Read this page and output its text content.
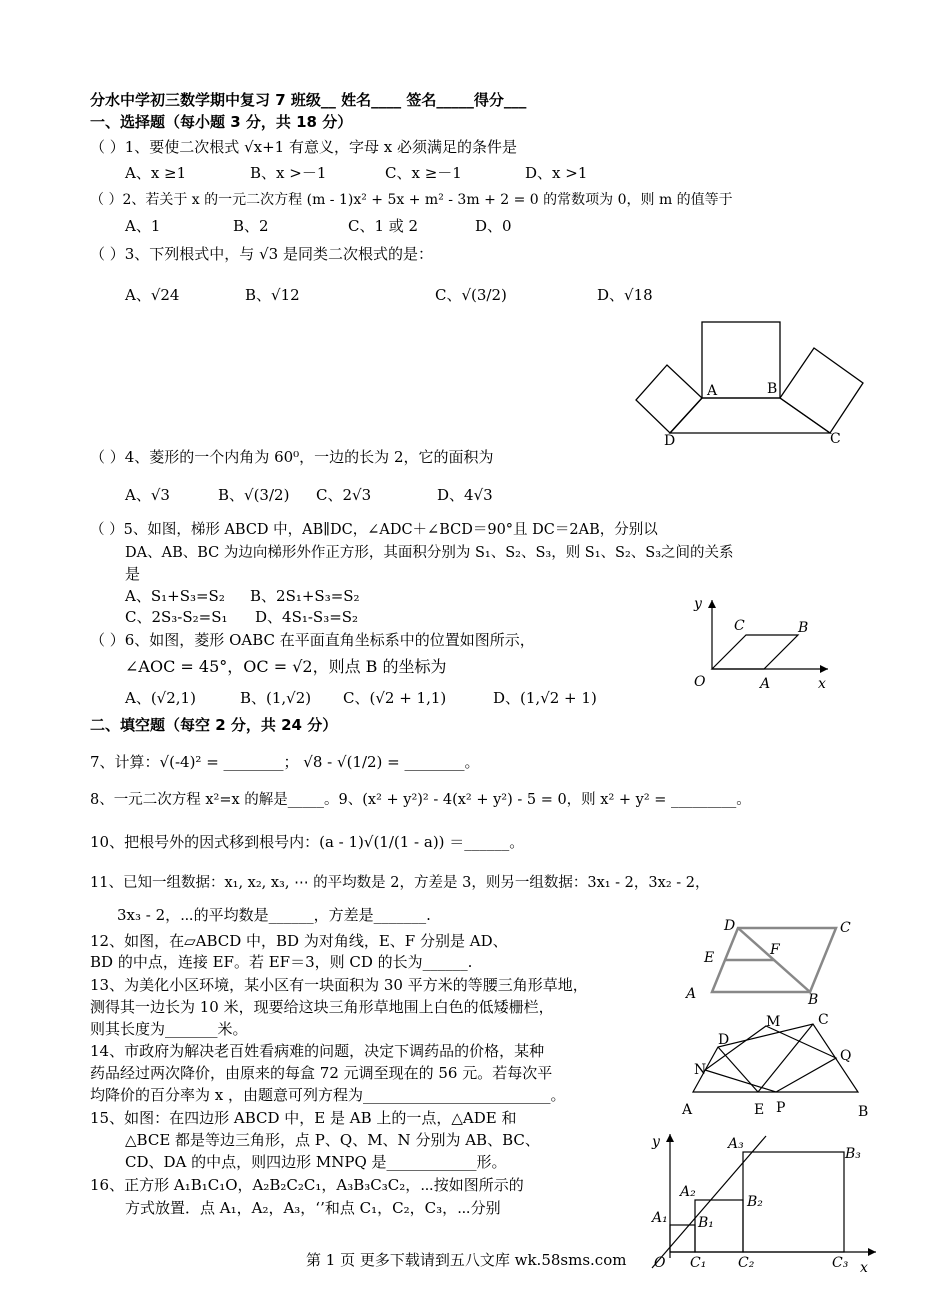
分水中学初三数学期中复习 7 班级__ 姓名____ 签名_____得分___
一、选择题（每小题 3 分，共 18 分）
（ ）1、要使二次根式 √x+1 有意义，字母 x 必须满足的条件是
A、x ≥1	B、x >－1	C、x ≥－1	D、x >1
（ ）2、若关于 x 的一元二次方程 (m - 1)x² + 5x + m² - 3m + 2 = 0 的常数项为 0，则 m 的值等于
A、1	B、2	C、1 或 2	D、0
（ ）3、下列根式中，与 √3 是同类二次根式的是：
A、√24	B、√12	C、√(3/2)	D、√18
A	B
C
D
（ ）4、菱形的一个内角为 60⁰，一边的长为 2，它的面积为
A、√3	B、√(3/2) C、2√3	D、4√3
（ ）5、如图，梯形 ABCD 中，AB∥DC，∠ADC＋∠BCD＝90°且 DC＝2AB，分别以
DA、AB、BC 为边向梯形外作正方形，其面积分别为 S₁、S₂、S₃，则 S₁、S₂、S₃之间的关系
是
A、S₁+S₃=S₂ B、2S₁+S₃=S₂
C、2S₃-S₂=S₁ D、4S₁-S₃=S₂
y
C	B
O	A	x
（ ）6、如图，菱形 OABC 在平面直角坐标系中的位置如图所示，
∠AOC = 45°，OC = √2，则点 B 的坐标为
A、(√2,1)	B、(1,√2) C、(√2 + 1,1)	D、(1,√2 + 1)
二、填空题（每空 2 分，共 24 分）
7、计算：√(-4)² = ________； √8 - √(1/2) = ________。
8、一元二次方程 x²=x 的解是_____。9、(x² + y²)² - 4(x² + y²) - 5 = 0，则 x² + y² = _________。
10、把根号外的因式移到根号内：(a - 1)√(1/(1 - a)) ＝______。
11、已知一组数据：x₁, x₂, x₃, ⋯ 的平均数是 2，方差是 3，则另一组数据：3x₁ - 2，3x₂ - 2，
3x₃ - 2，⋯的平均数是______，方差是_______.
12、如图，在▱ABCD 中，BD 为对角线，E、F 分别是 AD、
BD 的中点，连接 EF。若 EF＝3，则 CD 的长为______.
D	C
E	F
A	B
13、为美化小区环境，某小区有一块面积为 30 平方米的等腰三角形草地，
测得其一边长为 10 米，现要给这块三角形草地围上白色的低矮栅栏，
则其长度为_______米。	M	C
D
Q
N
A	E P	B
14、市政府为解决老百姓看病难的问题，决定下调药品的价格，某种
药品经过两次降价，由原来的每盒 72 元调至现在的 56 元。若每次平
均降价的百分率为 x ，由题意可列方程为_________________________。
15、如图：在四边形 ABCD 中，E 是 AB 上的一点，△ADE 和
△BCE 都是等边三角形，点 P、Q、M、N 分别为 AB、BC、
CD、DA 的中点，则四边形 MNPQ 是____________形。
16、正方形 A₁B₁C₁O，A₂B₂C₂C₁，A₃B₃C₃C₂，⋯按如图所示的
方式放置．点 A₁，A₂，A₃，‘’和点 C₁，C₂，C₃，⋯分别
A₃
B₃
A₂
B₂
A₁ B₁
O C₁ C₂	C₃
y
x
第 1 页 更多下载请到五八文库 wk.58sms.com
